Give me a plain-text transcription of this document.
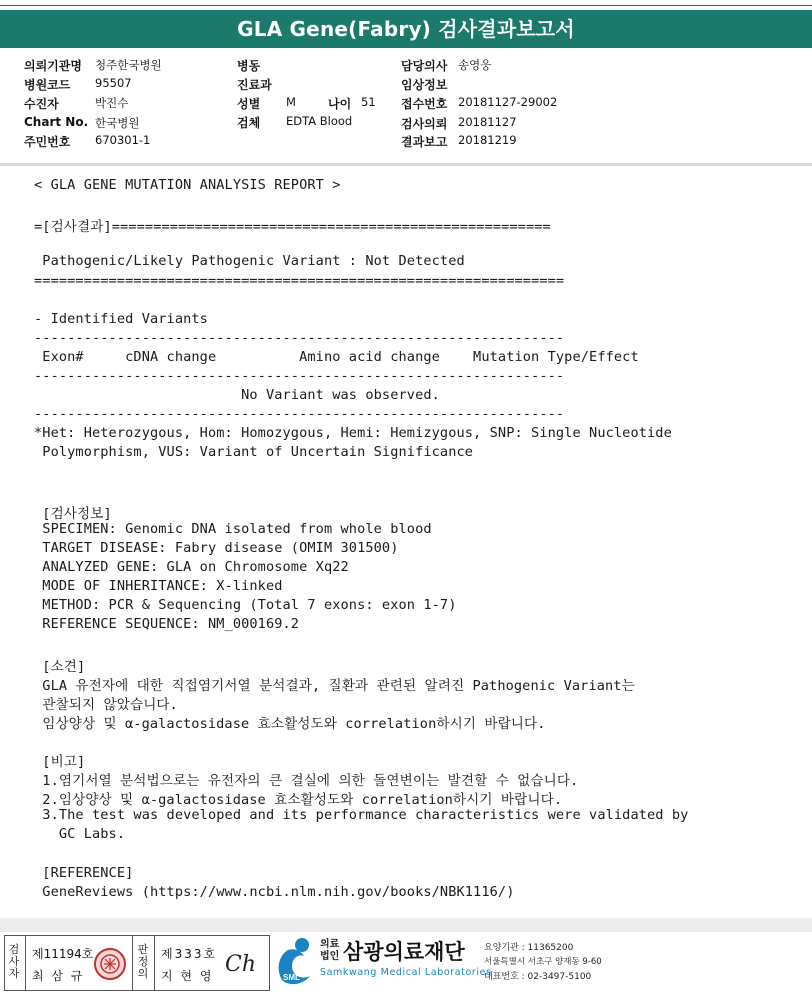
GLA Gene(Fabry) 검사결과보고서
의뢰기관명 청주한국병원
병원코드 95507
수진자	박진수
Chart No. 한국병원
주민번호 670301-1
병동
진료과
성별 M	나이 51
검체 EDTA Blood
담당의사 송영웅
임상정보
접수번호 20181127-29002
검사의뢰 20181127
결과보고 20181219
< GLA GENE MUTATION ANALYSIS REPORT >
=[검사결과]=====================================================
Pathogenic/Likely Pathogenic Variant : Not Detected
================================================================
- Identified Variants
----------------------------------------------------------------
Exon#     cDNA change          Amino acid change    Mutation Type/Effect
----------------------------------------------------------------
No Variant was observed.
----------------------------------------------------------------
*Het: Heterozygous, Hom: Homozygous, Hemi: Hemizygous, SNP: Single Nucleotide
Polymorphism, VUS: Variant of Uncertain Significance
[검사정보]
SPECIMEN: Genomic DNA isolated from whole blood
TARGET DISEASE: Fabry disease (OMIM 301500)
ANALYZED GENE: GLA on Chromosome Xq22
MODE OF INHERITANCE: X-linked
METHOD: PCR & Sequencing (Total 7 exons: exon 1-7)
REFERENCE SEQUENCE: NM_000169.2
[소견]
GLA 유전자에 대한 직접염기서열 분석결과, 질환과 관련된 알려진 Pathogenic Variant는
관찰되지 않았습니다.
임상양상 및 α-galactosidase 효소활성도와 correlation하시기 바랍니다.
[비고]
1.염기서열 분석법으로는 유전자의 큰 결실에 의한 돌연변이는 발견할 수 없습니다.
2.임상양상 및 α-galactosidase 효소활성도와 correlation하시기 바랍니다.
3.The test was developed and its performance characteristics were validated by
GC Labs.
[REFERENCE]
GeneReviews (https://www.ncbi.nlm.nih.gov/books/NBK1116/)
검사자
제11194호
최 삼 규
판정의
제333호
지 현 영 Ch
SML
의료
법인 삼광의료재단
Samkwang Medical Laboratories
요양기관 : 11365200
서울특별시 서초구 양재동 9-60
대표번호 : 02-3497-5100
